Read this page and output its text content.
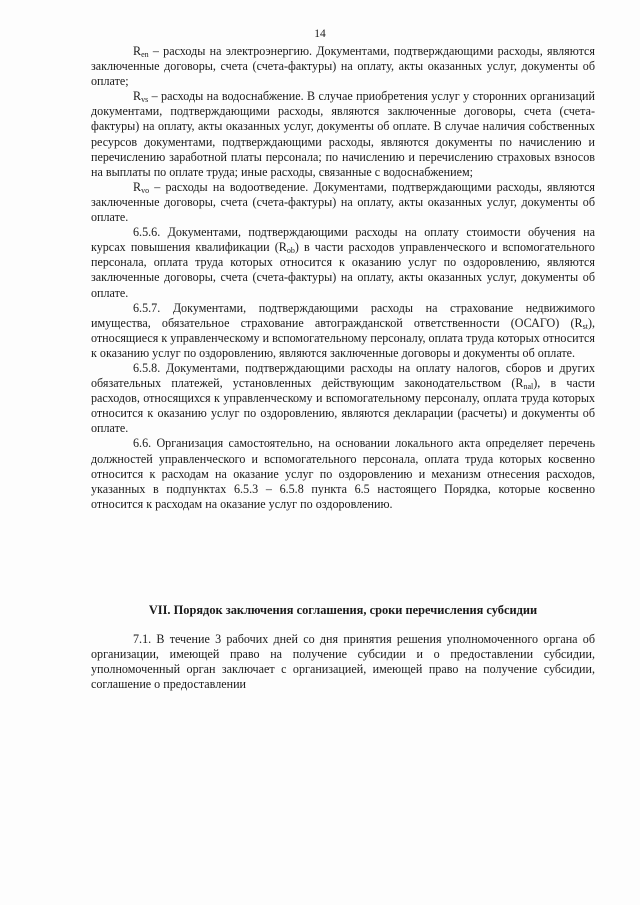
14

$R_{en}$ – расходы на электроэнергию. Документами, подтверждающими расходы, являются заключенные договоры, счета (счета-фактуры) на оплату, акты оказанных услуг, документы об оплате;

$R_{vs}$ – расходы на водоснабжение. В случае приобретения услуг у сторонних организаций документами, подтверждающими расходы, являются заключенные договоры, счета (счета-фактуры) на оплату, акты оказанных услуг, документы об оплате. В случае наличия собственных ресурсов документами, подтверждающими расходы, являются документы по начислению и перечислению заработной платы персонала; по начислению и перечислению страховых взносов на выплаты по оплате труда; иные расходы, связанные с водоснабжением;

$R_{vo}$ – расходы на водоотведение. Документами, подтверждающими расходы, являются заключенные договоры, счета (счета-фактуры) на оплату, акты оказанных услуг, документы об оплате.

6.5.6. Документами, подтверждающими расходы на оплату стоимости обучения на курсах повышения квалификации $(R_{ob})$ в части расходов управленческого и вспомогательного персонала, оплата труда которых относится к оказанию услуг по оздоровлению, являются заключенные договоры, счета (счета-фактуры) на оплату, акты оказанных услуг, документы об оплате.

6.5.7. Документами, подтверждающими расходы на страхование недвижимого имущества, обязательное страхование автогражданской ответственности (ОСАГО) $(R_{st})$, относящиеся к управленческому и вспомогательному персоналу, оплата труда которых относится к оказанию услуг по оздоровлению, являются заключенные договоры и документы об оплате.

6.5.8. Документами, подтверждающими расходы на оплату налогов, сборов и других обязательных платежей, установленных действующим законодательством $(R_{nal})$, в части расходов, относящихся к управленческому и вспомогательному персоналу, оплата труда которых относится к оказанию услуг по оздоровлению, являются декларации (расчеты) и документы об оплате.

6.6. Организация самостоятельно, на основании локального акта определяет перечень должностей управленческого и вспомогательного персонала, оплата труда которых косвенно относится к расходам на оказание услуг по оздоровлению и механизм отнесения расходов, указанных в подпунктах 6.5.3 – 6.5.8 пункта 6.5 настоящего Порядка, которые косвенно относится к расходам на оказание услуг по оздоровлению.

VII. Порядок заключения соглашения, сроки перечисления субсидии

7.1. В течение 3 рабочих дней со дня принятия решения уполномоченного органа об организации, имеющей право на получение субсидии и о предоставлении субсидии, уполномоченный орган заключает с организацией, имеющей право на получение субсидии, соглашение о предоставлении
